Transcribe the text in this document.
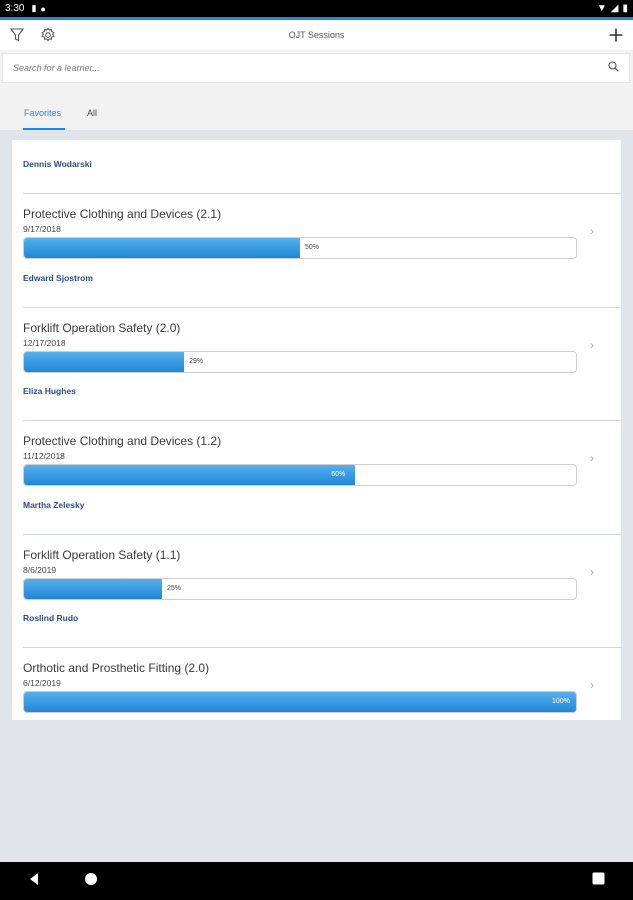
3:30 ▮ ●	▼ ◢ ▮
OJT Sessions
Search for a learner...
Favorites	All
Dennis Wodarski
Protective Clothing and Devices (2.1)
9/17/2018
50%
›
Edward Sjostrom
Forklift Operation Safety (2.0)
12/17/2018
29%
›
Eliza Hughes
Protective Clothing and Devices (1.2)
11/12/2018
60%
›
Martha Zelesky
Forklift Operation Safety (1.1)
8/6/2019
25%
›
Roslind Rudo
Orthotic and Prosthetic Fitting (2.0)
6/12/2019
100%
›
